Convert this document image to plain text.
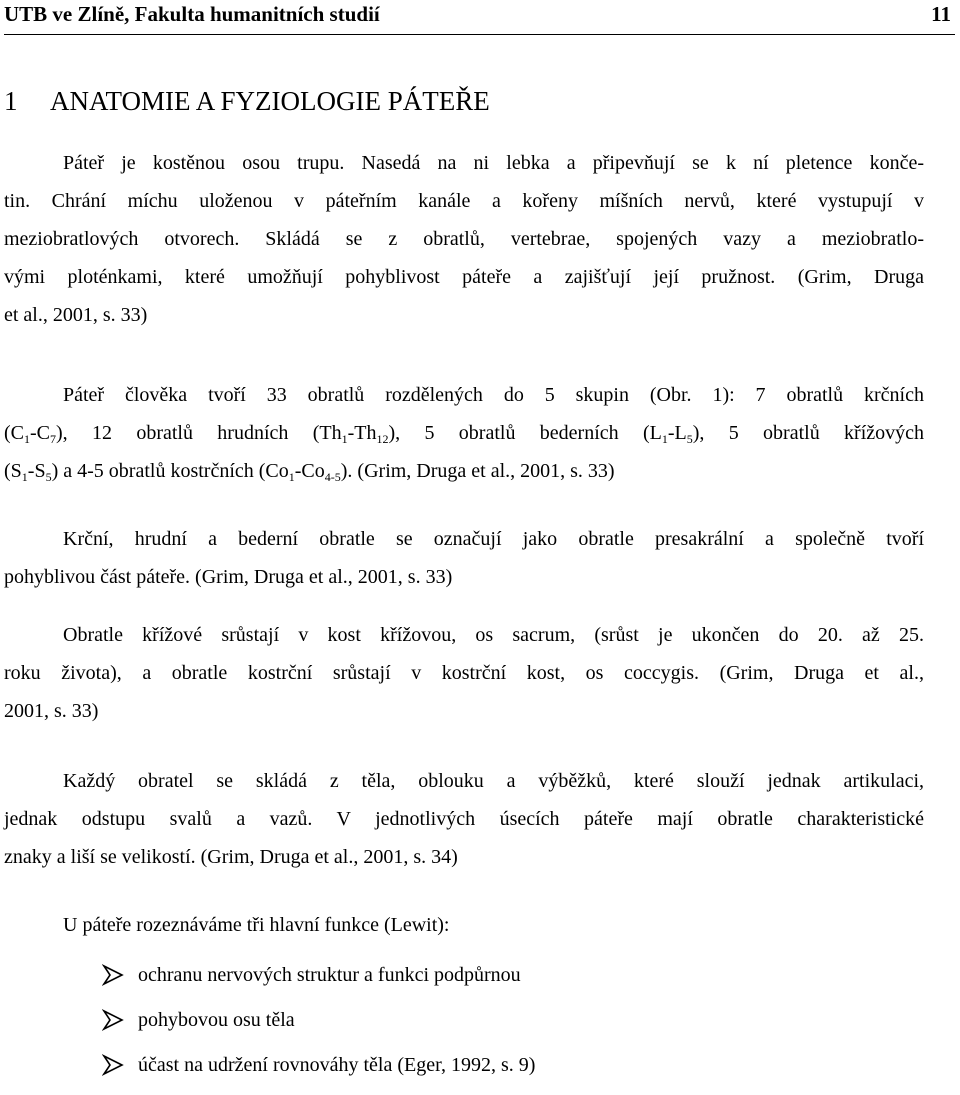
UTB ve Zlíně, Fakulta humanitních studií	11
1 ANATOMIE A FYZIOLOGIE PÁTEŘE
Páteř je kostěnou osou trupu. Nasedá na ni lebka a připevňují se k ní pletence konče-
tin. Chrání míchu uloženou v páteřním kanále a kořeny míšních nervů, které vystupují v
meziobratlových otvorech. Skládá se z obratlů, vertebrae, spojených vazy a meziobratlo-
vými ploténkami, které umožňují pohyblivost páteře a zajišťují její pružnost. (Grim, Druga
et al., 2001, s. 33)
Páteř člověka tvoří 33 obratlů rozdělených do 5 skupin (Obr. 1): 7 obratlů krčních
$(C_1-C_7)$, 12 obratlů hrudních $(Th_1-Th_{12})$, 5 obratlů bederních $(L_1-L_5)$, 5 obratlů křížových
$(S_1-S_5)$ a 4-5 obratlů kostrčních $(Co_1-Co_{4-5})$. (Grim, Druga et al., 2001, s. 33)
Krční, hrudní a bederní obratle se označují jako obratle presakrální a společně tvoří
pohyblivou část páteře. (Grim, Druga et al., 2001, s. 33)
Obratle křížové srůstají v kost křížovou, os sacrum, (srůst je ukončen do 20. až 25.
roku života), a obratle kostrční srůstají v kostrční kost, os coccygis. (Grim, Druga et al.,
2001, s. 33)
Každý obratel se skládá z těla, oblouku a výběžků, které slouží jednak artikulaci,
jednak odstupu svalů a vazů. V jednotlivých úsecích páteře mají obratle charakteristické
znaky a liší se velikostí. (Grim, Druga et al., 2001, s. 34)
U páteře rozeznáváme tři hlavní funkce (Lewit):
ochranu nervových struktur a funkci podpůrnou
pohybovou osu těla
účast na udržení rovnováhy těla (Eger, 1992, s. 9)
